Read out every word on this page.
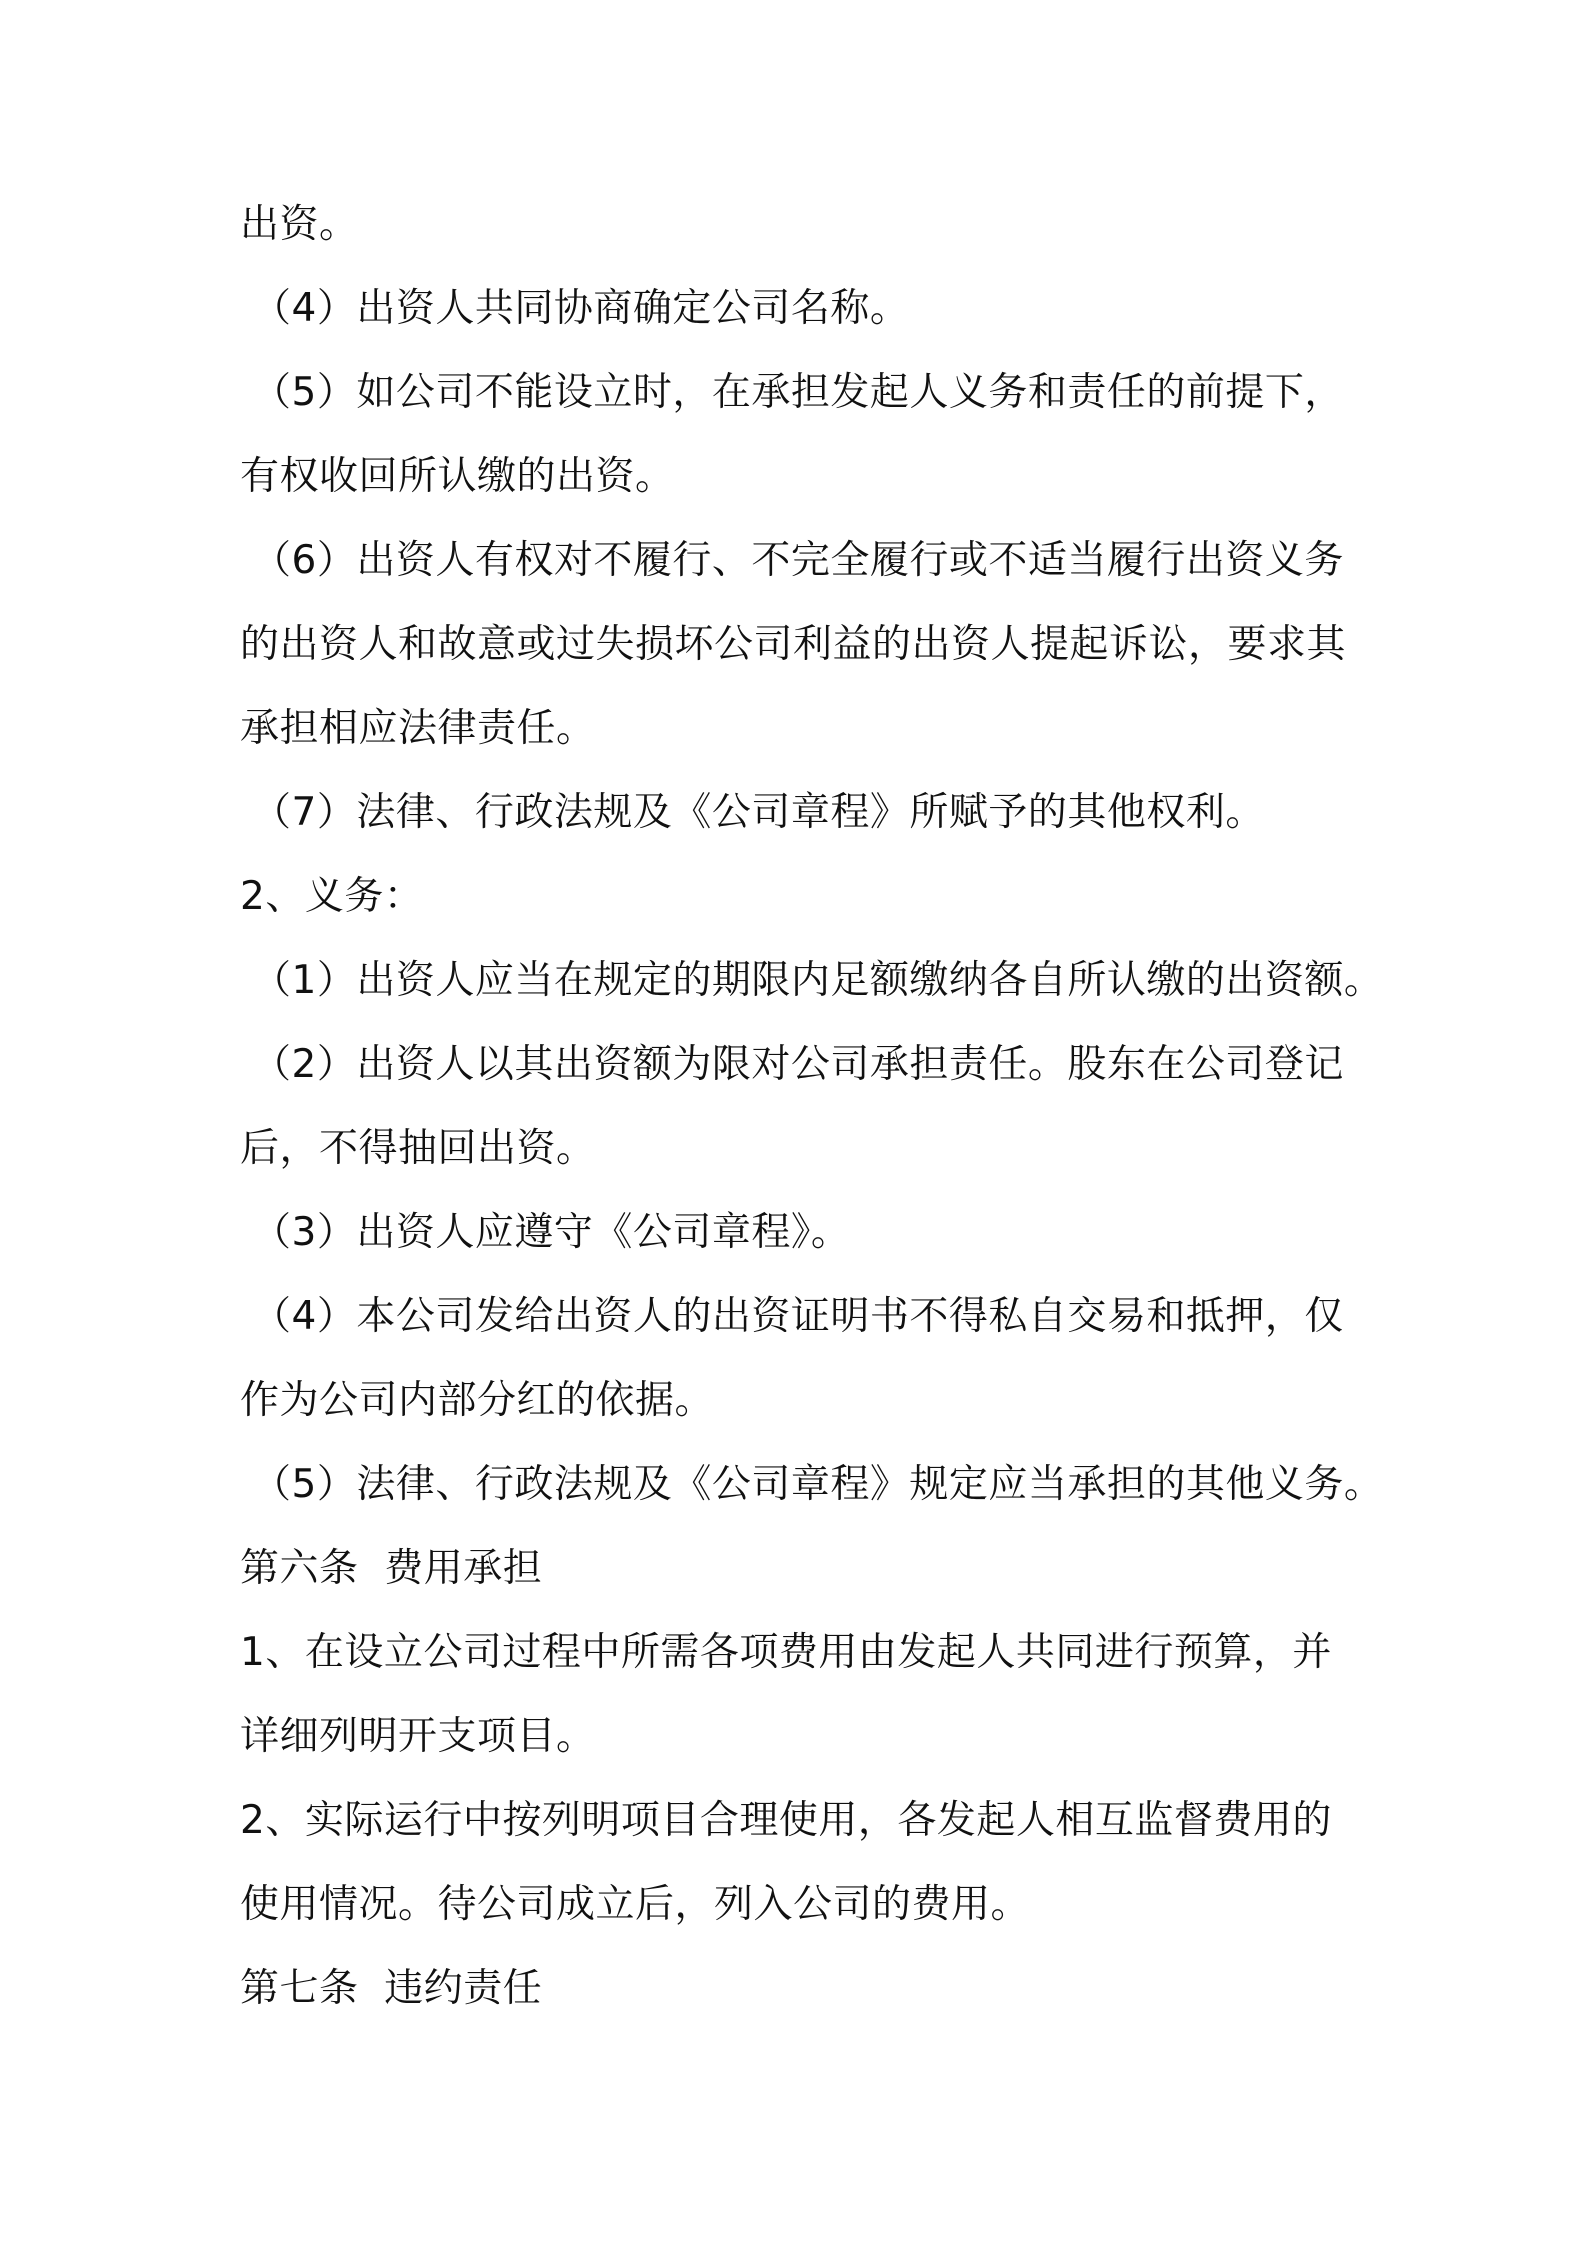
出资。
（4）出资人共同协商确定公司名称。
（5）如公司不能设立时，在承担发起人义务和责任的前提下，
有权收回所认缴的出资。
（6）出资人有权对不履行、不完全履行或不适当履行出资义务
的出资人和故意或过失损坏公司利益的出资人提起诉讼，要求其
承担相应法律责任。
（7）法律、行政法规及《公司章程》所赋予的其他权利。
2、义务：
（1）出资人应当在规定的期限内足额缴纳各自所认缴的出资额。
（2）出资人以其出资额为限对公司承担责任。股东在公司登记
后，不得抽回出资。
（3）出资人应遵守《公司章程》。
（4）本公司发给出资人的出资证明书不得私自交易和抵押，仅
作为公司内部分红的依据。
（5）法律、行政法规及《公司章程》规定应当承担的其他义务。
第六条  费用承担
1、在设立公司过程中所需各项费用由发起人共同进行预算，并
详细列明开支项目。
2、实际运行中按列明项目合理使用，各发起人相互监督费用的
使用情况。待公司成立后，列入公司的费用。
第七条  违约责任
